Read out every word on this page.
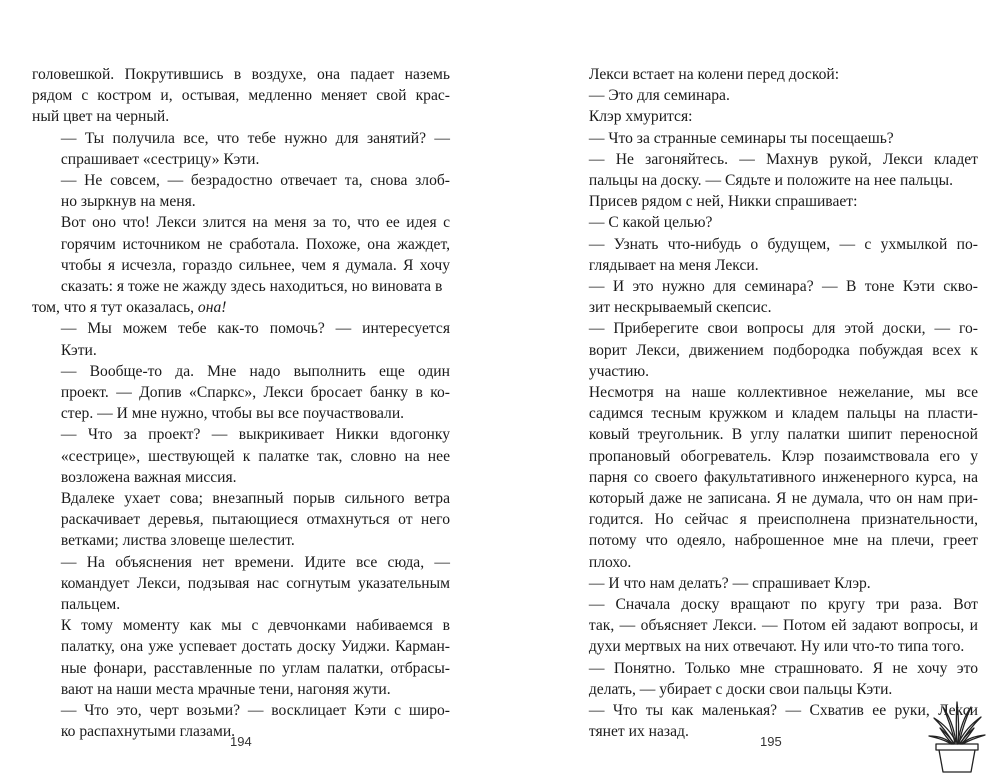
головешкой. Покрутившись в воздухе, она падает наземь
рядом с костром и, остывая, медленно меняет свой крас-
ный цвет на черный.

— Ты получила все, что тебе нужно для занятий? —
спрашивает «сестрицу» Кэти.

— Не совсем, — безрадостно отвечает та, снова злоб-
но зыркнув на меня.

Вот оно что! Лекси злится на меня за то, что ее идея с
горячим источником не сработала. Похоже, она жаждет,
чтобы я исчезла, гораздо сильнее, чем я думала. Я хочу
сказать: я тоже не жажду здесь находиться, но виновата в

том, что я тут оказалась, она!

— Мы можем тебе как-то помочь? — интересуется
Кэти.

— Вообще-то да. Мне надо выполнить еще один
проект. — Допив «Спаркс», Лекси бросает банку в ко-
стер. — И мне нужно, чтобы вы все поучаствовали.

— Что за проект? — выкрикивает Никки вдогонку
«сестрице», шествующей к палатке так, словно на нее
возложена важная миссия.

Вдалеке ухает сова; внезапный порыв сильного ветра
раскачивает деревья, пытающиеся отмахнуться от него
ветками; листва зловеще шелестит.

— На объяснения нет времени. Идите все сюда, —
командует Лекси, подзывая нас согнутым указательным
пальцем.

К тому моменту как мы с девчонками набиваемся в
палатку, она уже успевает достать доску Уиджи. Карман-
ные фонари, расставленные по углам палатки, отбрасы-
вают на наши места мрачные тени, нагоняя жути.

— Что это, черт возьми? — восклицает Кэти с широ-
ко распахнутыми глазами.

194

Лекси встает на колени перед доской:

— Это для семинара.

Клэр хмурится:

— Что за странные семинары ты посещаешь?

— Не загоняйтесь. — Махнув рукой, Лекси кладет
пальцы на доску. — Сядьте и положите на нее пальцы.

Присев рядом с ней, Никки спрашивает:

— С какой целью?

— Узнать что-нибудь о будущем, — с ухмылкой по-
глядывает на меня Лекси.

— И это нужно для семинара? — В тоне Кэти скво-
зит нескрываемый скепсис.

— Приберегите свои вопросы для этой доски, — го-
ворит Лекси, движением подбородка побуждая всех к
участию.

Несмотря на наше коллективное нежелание, мы все
садимся тесным кружком и кладем пальцы на пласти-
ковый треугольник. В углу палатки шипит переносной
пропановый обогреватель. Клэр позаимствовала его у
парня со своего факультативного инженерного курса, на
который даже не записана. Я не думала, что он нам при-
годится. Но сейчас я преисполнена признательности,
потому что одеяло, наброшенное мне на плечи, греет
плохо.

— И что нам делать? — спрашивает Клэр.

— Сначала доску вращают по кругу три раза. Вот
так, — объясняет Лекси. — Потом ей задают вопросы, и
духи мертвых на них отвечают. Ну или что-то типа того.

— Понятно. Только мне страшновато. Я не хочу это
делать, — убирает с доски свои пальцы Кэти.

— Что ты как маленькая? — Схватив ее руки, Лекси
тянет их назад.

195
